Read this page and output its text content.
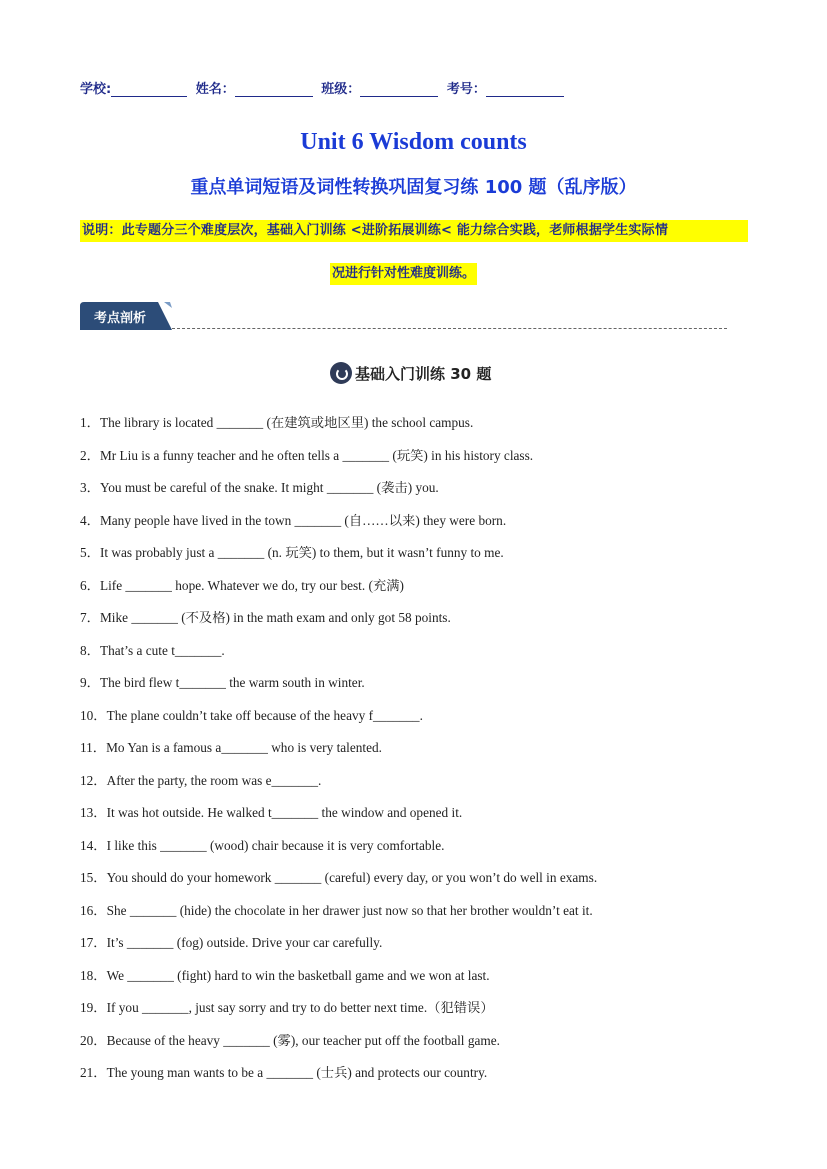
学校:	姓名：	班级：	考号：
Unit 6 Wisdom counts
重点单词短语及词性转换巩固复习练 100 题（乱序版）
说明：此专题分三个难度层次，基础入门训练 <进阶拓展训练< 能力综合实践，老师根据学生实际情
况进行针对性难度训练。
考点剖析
基础入门训练 30 题
1．The library is located _______ (在建筑或地区里) the school campus.
2．Mr Liu is a funny teacher and he often tells a _______ (玩笑) in his history class.
3．You must be careful of the snake. It might _______ (袭击) you.
4．Many people have lived in the town _______ (自……以来) they were born.
5．It was probably just a _______ (n. 玩笑) to them, but it wasn’t funny to me.
6．Life _______ hope. Whatever we do, try our best. (充满)
7．Mike _______ (不及格) in the math exam and only got 58 points.
8．That’s a cute t_______.
9．The bird flew t_______ the warm south in winter.
10．The plane couldn’t take off because of the heavy f_______.
11．Mo Yan is a famous a_______ who is very talented.
12．After the party, the room was e_______.
13．It was hot outside. He walked t_______ the window and opened it.
14．I like this _______ (wood) chair because it is very comfortable.
15．You should do your homework _______ (careful) every day, or you won’t do well in exams.
16．She _______ (hide) the chocolate in her drawer just now so that her brother wouldn’t eat it.
17．It’s _______ (fog) outside. Drive your car carefully.
18．We _______ (fight) hard to win the basketball game and we won at last.
19．If you _______, just say sorry and try to do better next time.（犯错误）
20．Because of the heavy _______ (雾), our teacher put off the football game.
21．The young man wants to be a _______ (士兵) and protects our country.
